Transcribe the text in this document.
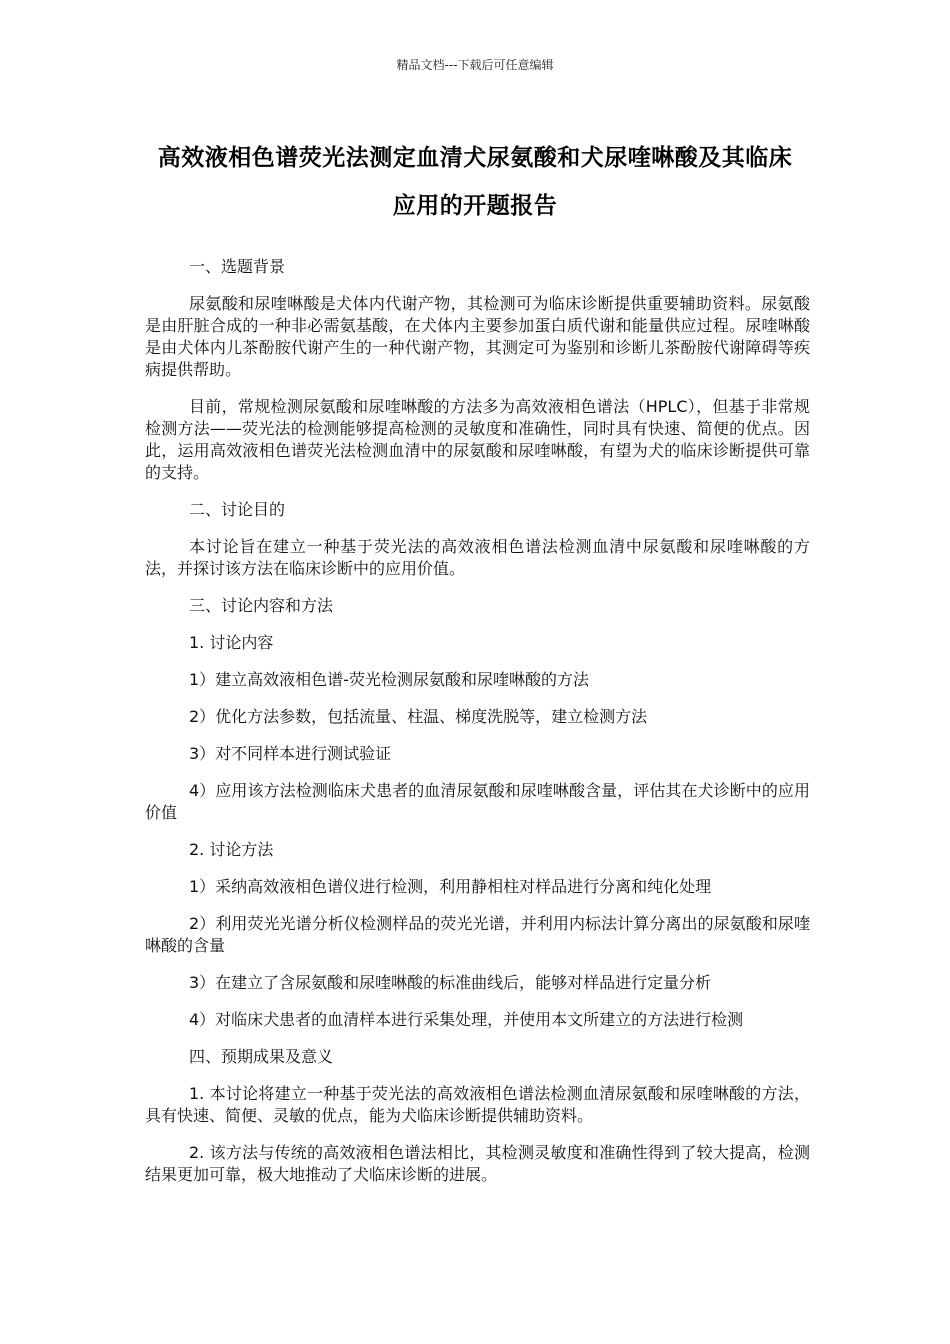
精品文档---下载后可任意编辑
高效液相色谱荧光法测定血清犬尿氨酸和犬尿喹啉酸及其临床应用的开题报告

一、选题背景

尿氨酸和尿喹啉酸是犬体内代谢产物，其检测可为临床诊断提供重要辅助资料。尿氨酸是由肝脏合成的一种非必需氨基酸，在犬体内主要参加蛋白质代谢和能量供应过程。尿喹啉酸是由犬体内儿茶酚胺代谢产生的一种代谢产物，其测定可为鉴别和诊断儿茶酚胺代谢障碍等疾病提供帮助。

目前，常规检测尿氨酸和尿喹啉酸的方法多为高效液相色谱法（HPLC），但基于非常规检测方法——荧光法的检测能够提高检测的灵敏度和准确性，同时具有快速、简便的优点。因此，运用高效液相色谱荧光法检测血清中的尿氨酸和尿喹啉酸，有望为犬的临床诊断提供可靠的支持。

二、讨论目的

本讨论旨在建立一种基于荧光法的高效液相色谱法检测血清中尿氨酸和尿喹啉酸的方法，并探讨该方法在临床诊断中的应用价值。

三、讨论内容和方法

1. 讨论内容

1）建立高效液相色谱-荧光检测尿氨酸和尿喹啉酸的方法

2）优化方法参数，包括流量、柱温、梯度洗脱等，建立检测方法

3）对不同样本进行测试验证

4）应用该方法检测临床犬患者的血清尿氨酸和尿喹啉酸含量，评估其在犬诊断中的应用价值

2. 讨论方法

1）采纳高效液相色谱仪进行检测，利用静相柱对样品进行分离和纯化处理

2）利用荧光光谱分析仪检测样品的荧光光谱，并利用内标法计算分离出的尿氨酸和尿喹啉酸的含量

3）在建立了含尿氨酸和尿喹啉酸的标准曲线后，能够对样品进行定量分析

4）对临床犬患者的血清样本进行采集处理，并使用本文所建立的方法进行检测

四、预期成果及意义

1. 本讨论将建立一种基于荧光法的高效液相色谱法检测血清尿氨酸和尿喹啉酸的方法，具有快速、简便、灵敏的优点，能为犬临床诊断提供辅助资料。

2. 该方法与传统的高效液相色谱法相比，其检测灵敏度和准确性得到了较大提高，检测结果更加可靠，极大地推动了犬临床诊断的进展。
